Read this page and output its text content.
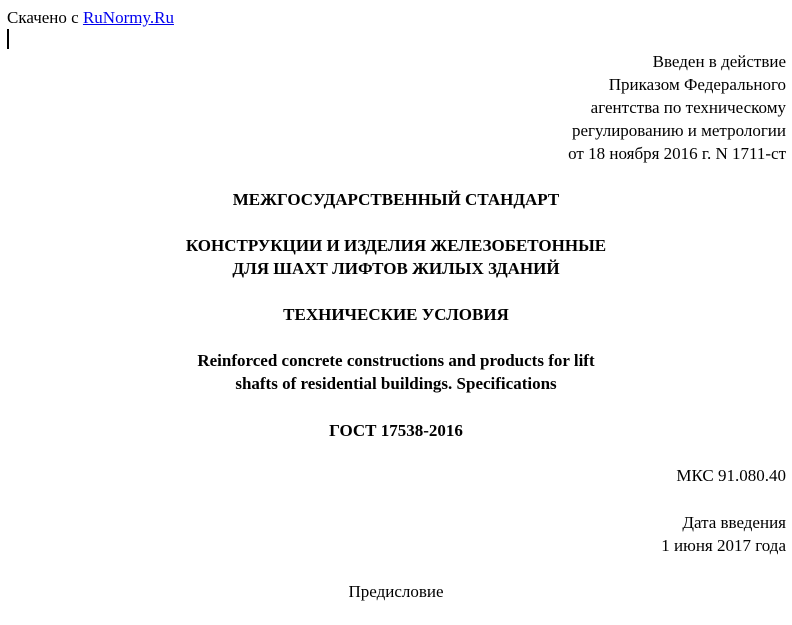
Скачено с RuNormy.Ru
Введен в действие
Приказом Федерального
агентства по техническому
регулированию и метрологии
от 18 ноября 2016 г. N 1711-ст
МЕЖГОСУДАРСТВЕННЫЙ СТАНДАРТ
КОНСТРУКЦИИ И ИЗДЕЛИЯ ЖЕЛЕЗОБЕТОННЫЕ
ДЛЯ ШАХТ ЛИФТОВ ЖИЛЫХ ЗДАНИЙ
ТЕХНИЧЕСКИЕ УСЛОВИЯ
Reinforced concrete constructions and products for lift
shafts of residential buildings. Specifications
ГОСТ 17538-2016
МКС 91.080.40
Дата введения
1 июня 2017 года
Предисловие
